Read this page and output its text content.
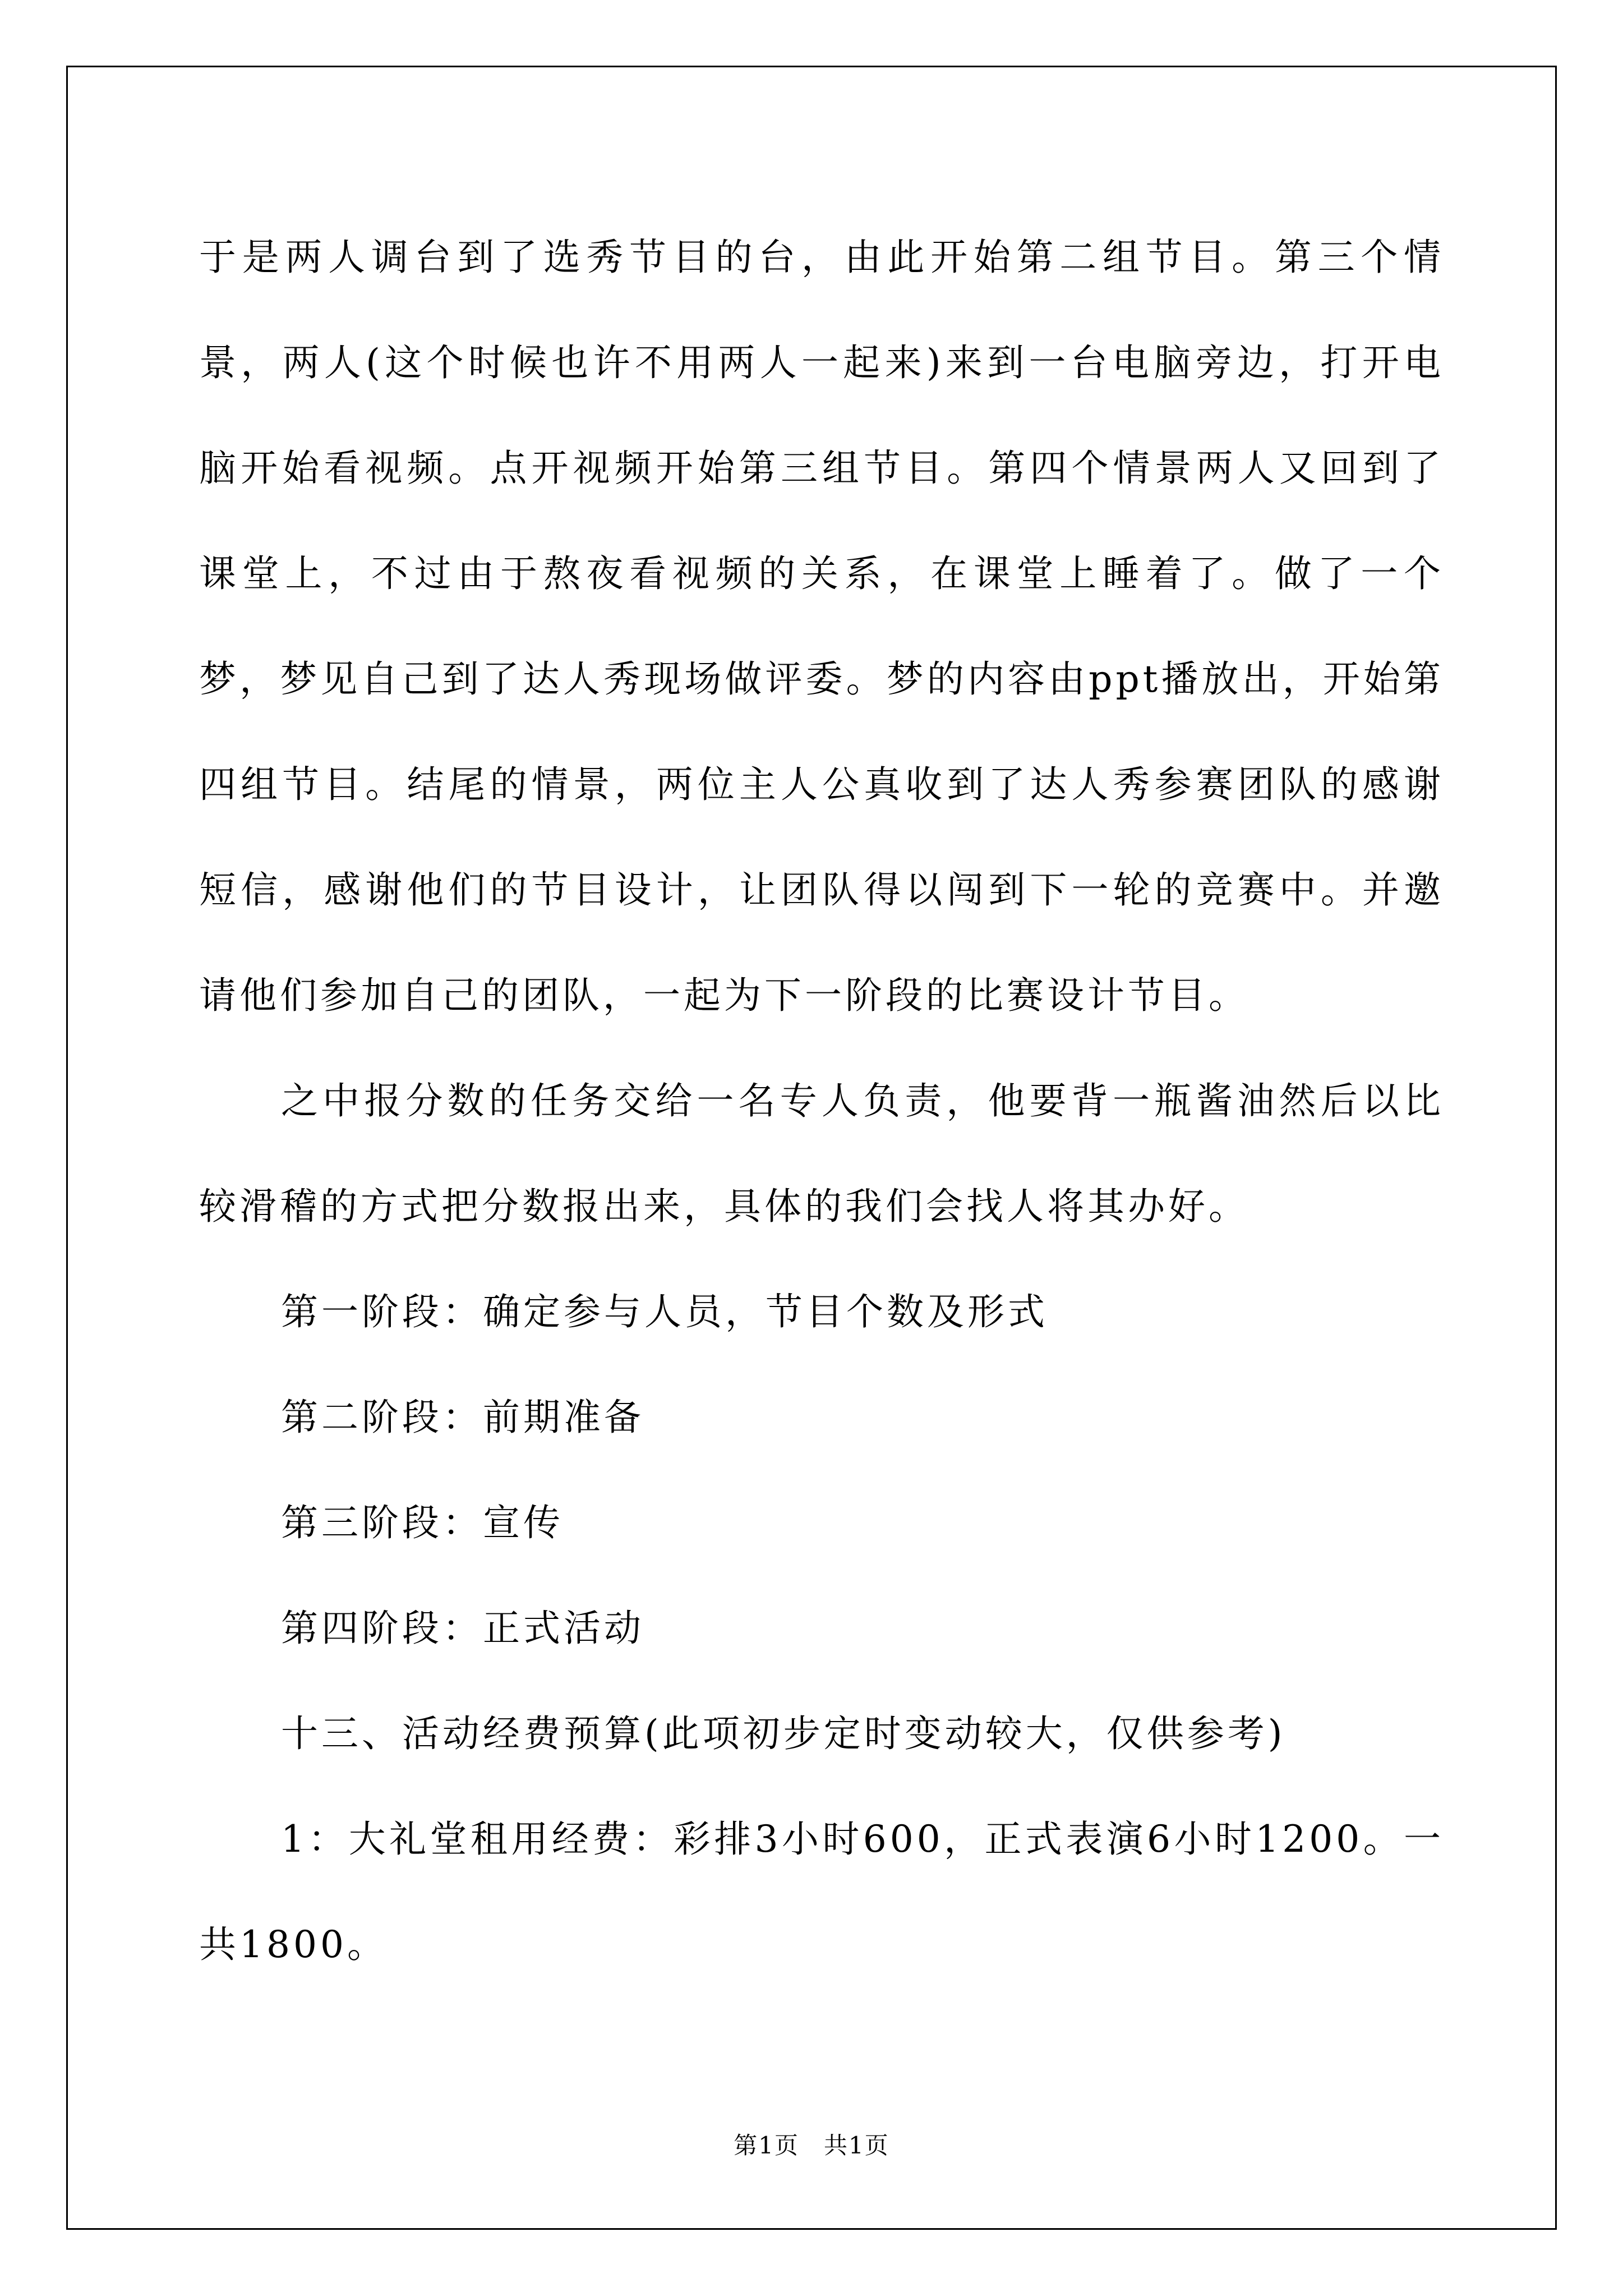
于是两人调台到了选秀节目的台，由此开始第二组节目。第三个情景，两人(这个时候也许不用两人一起来)来到一台电脑旁边，打开电脑开始看视频。点开视频开始第三组节目。第四个情景两人又回到了课堂上，不过由于熬夜看视频的关系，在课堂上睡着了。做了一个梦，梦见自己到了达人秀现场做评委。梦的内容由ppt播放出，开始第四组节目。结尾的情景，两位主人公真收到了达人秀参赛团队的感谢短信，感谢他们的节目设计，让团队得以闯到下一轮的竞赛中。并邀请他们参加自己的团队，一起为下一阶段的比赛设计节目。

之中报分数的任务交给一名专人负责，他要背一瓶酱油然后以比较滑稽的方式把分数报出来，具体的我们会找人将其办好。

第一阶段：确定参与人员，节目个数及形式

第二阶段：前期准备

第三阶段：宣传

第四阶段：正式活动

十三、活动经费预算(此项初步定时变动较大，仅供参考)

1：大礼堂租用经费：彩排3小时600，正式表演6小时1200。一共1800。

第1页 共1页
